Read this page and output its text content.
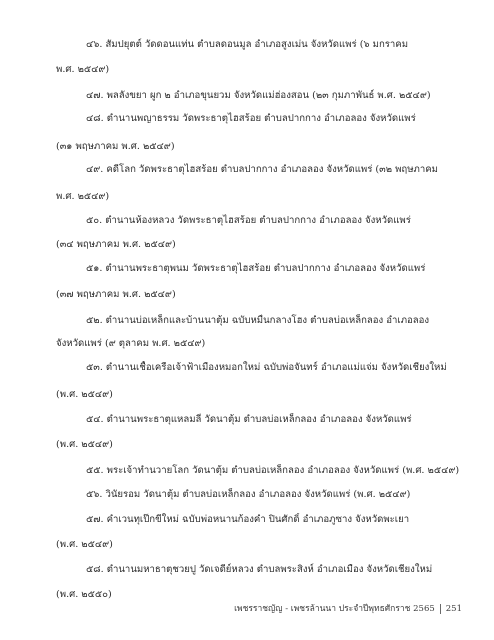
๔๖. สัมปยุตต์ วัดดอนแท่น ตำบลดอนมูล อำเภอสูงเม่น จังหวัดแพร่ (๖ มกราคม
พ.ศ. ๒๕๔๙)
๔๗. พลลังขยา ผูก ๒ อำเภอขุนยวม จังหวัดแม่ฮ่องสอน (๒๓ กุมภาพันธ์ พ.ศ. ๒๕๔๙)
๔๘. ตำนานพญาธรรม วัดพระธาตุไฮสร้อย ตำบลปากกาง อำเภอลอง จังหวัดแพร่
(๓๑ พฤษภาคม พ.ศ. ๒๕๔๙)
๔๙. คดีโลก วัดพระธาตุไฮสร้อย ตำบลปากกาง อำเภอลอง จังหวัดแพร่ (๓๒ พฤษภาคม
พ.ศ. ๒๕๔๙)
๕๐. ตำนานห้องหลวง วัดพระธาตุไฮสร้อย ตำบลปากกาง อำเภอลอง จังหวัดแพร่
(๓๔ พฤษภาคม พ.ศ. ๒๕๔๙)
๕๑. ตำนานพระธาตุพนม วัดพระธาตุไฮสร้อย ตำบลปากกาง อำเภอลอง จังหวัดแพร่
(๓๗ พฤษภาคม พ.ศ. ๒๕๔๙)
๕๒. ตำนานบ่อเหล็กและบ้านนาตุ้ม ฉบับหมื่นกลางโฮง ตำบลบ่อเหล็กลอง อำเภอลอง
จังหวัดแพร่ (๙ ตุลาคม พ.ศ. ๒๕๔๙)
๕๓. ตำนานเชื้อเครือเจ้าฟ้าเมืองหมอกใหม่ ฉบับพ่อจันทร์ อำเภอแม่แจ่ม จังหวัดเชียงใหม่
(พ.ศ. ๒๕๔๙)
๕๔. ตำนานพระธาตุแหลมลี่ วัดนาตุ้ม ตำบลบ่อเหล็กลอง อำเภอลอง จังหวัดแพร่
(พ.ศ. ๒๕๔๙)
๕๕. พระเจ้าทำนวายโลก วัดนาตุ้ม ตำบลบ่อเหล็กลอง อำเภอลอง จังหวัดแพร่ (พ.ศ. ๒๕๔๙)
๕๖. วินัยรอม วัดนาตุ้ม ตำบลบ่อเหล็กลอง อำเภอลอง จังหวัดแพร่ (พ.ศ. ๒๕๔๙)
๕๗. คำเวนทุเป๊กขีใหม่ ฉบับพ่อหนานก้องคำ ปินศักดิ์ อำเภอภูซาง จังหวัดพะเยา
(พ.ศ. ๒๕๔๙)
๕๘. ตำนานมหาธาตุชวยปู วัดเจดีย์หลวง ตำบลพระสิงห์ อำเภอเมือง จังหวัดเชียงใหม่
(พ.ศ. ๒๕๕๐)
เพชรราชญัญ - เพชรล้านนา ประจำปีพุทธศักราช 2565 251
